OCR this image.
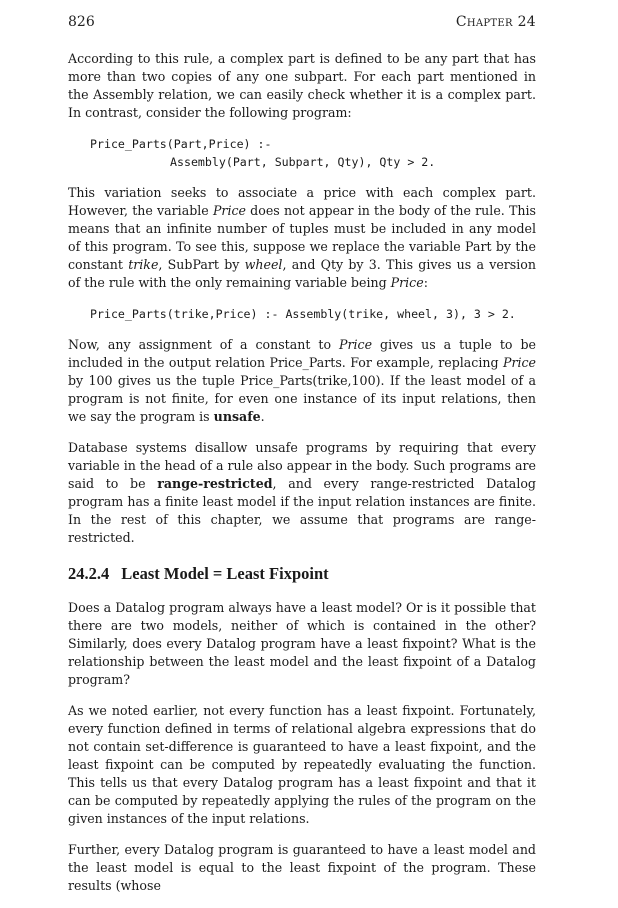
826	Chapter 24

According to this rule, a complex part is defined to be any part that has more than two copies of any one subpart. For each part mentioned in the Assembly relation, we can easily check whether it is a complex part. In contrast, consider the following program:

Price_Parts(Part,Price) :-
Assembly(Part, Subpart, Qty), Qty > 2.

This variation seeks to associate a price with each complex part. However, the variable Price does not appear in the body of the rule. This means that an infinite number of tuples must be included in any model of this program. To see this, suppose we replace the variable Part by the constant trike, SubPart by wheel, and Qty by 3. This gives us a version of the rule with the only remaining variable being Price:

Price_Parts(trike,Price) :- Assembly(trike, wheel, 3), 3 > 2.

Now, any assignment of a constant to Price gives us a tuple to be included in the output relation Price_Parts. For example, replacing Price by 100 gives us the tuple Price_Parts(trike,100). If the least model of a program is not finite, for even one instance of its input relations, then we say the program is unsafe.

Database systems disallow unsafe programs by requiring that every variable in the head of a rule also appear in the body. Such programs are said to be range-restricted, and every range-restricted Datalog program has a finite least model if the input relation instances are finite. In the rest of this chapter, we assume that programs are range-restricted.

24.2.4 Least Model = Least Fixpoint

Does a Datalog program always have a least model? Or is it possible that there are two models, neither of which is contained in the other? Similarly, does every Datalog program have a least fixpoint? What is the relationship between the least model and the least fixpoint of a Datalog program?

As we noted earlier, not every function has a least fixpoint. Fortunately, every function defined in terms of relational algebra expressions that do not contain set-difference is guaranteed to have a least fixpoint, and the least fixpoint can be computed by repeatedly evaluating the function. This tells us that every Datalog program has a least fixpoint and that it can be computed by repeatedly applying the rules of the program on the given instances of the input relations.

Further, every Datalog program is guaranteed to have a least model and the least model is equal to the least fixpoint of the program. These results (whose
